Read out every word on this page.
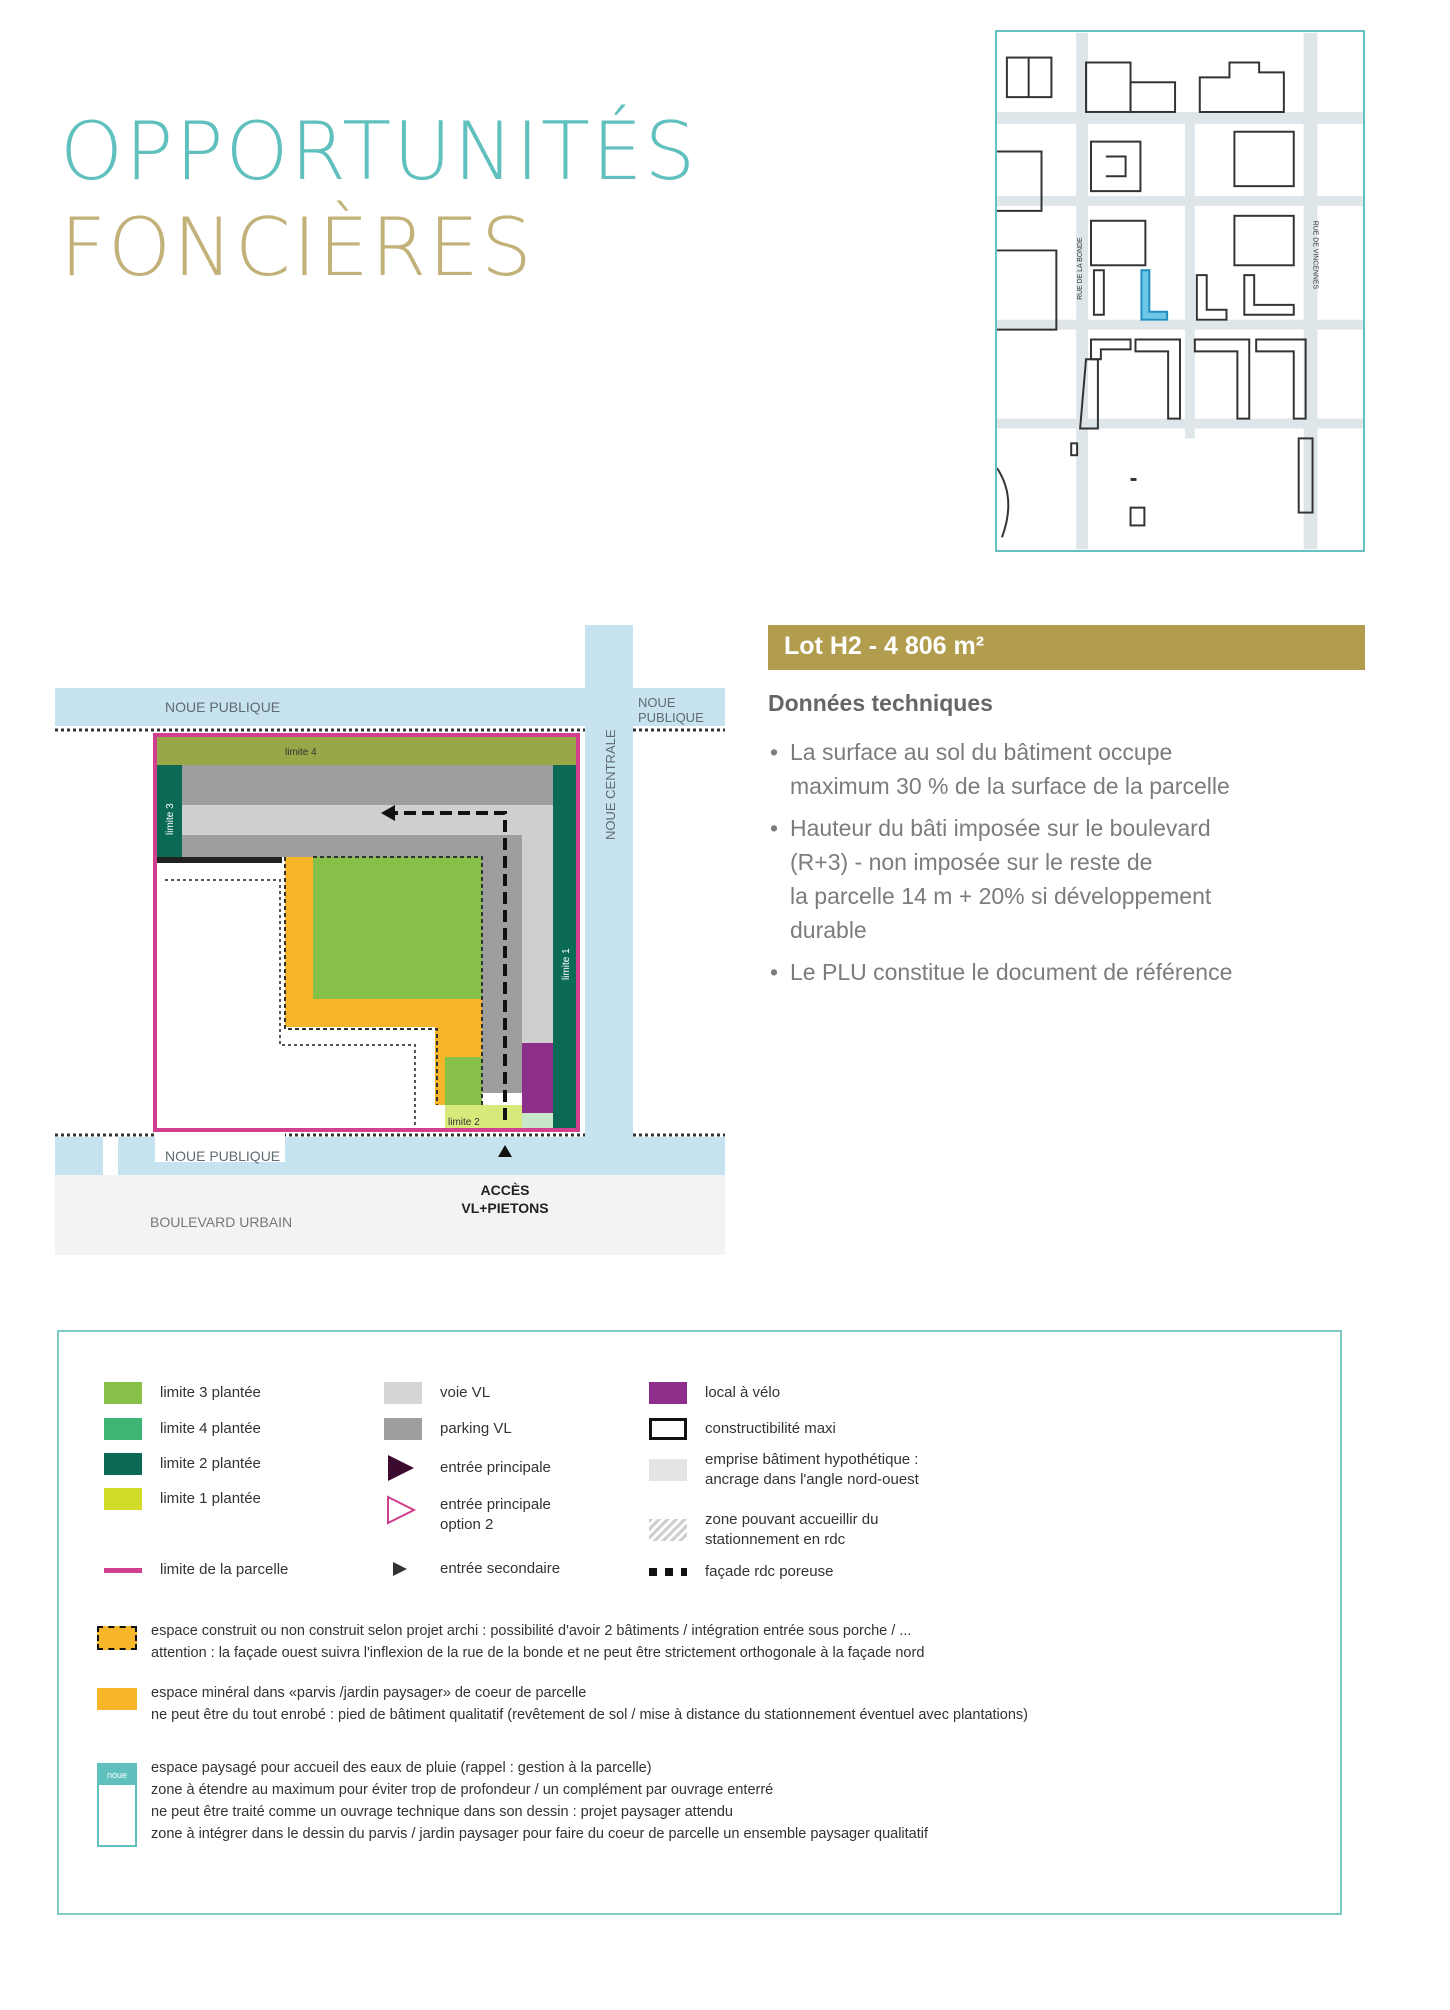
OPPORTUNITÉS
FONCIÈRES	RUE DE LA BONDE	RUE DE VINCENNES
NOUE PUBLIQUE	NOUE
PUBLIQUE
NOUE CENTRALE
NOUE PUBLIQUE
BOULEVARD URBAIN
limite 4
limite 3
limite 1
limite 2
ACCÈS
VL+PIETONS
Lot H2 - 4 806 m²
Données techniques
• La surface au sol du bâtiment occupe
maximum 30 % de la surface de la parcelle
• Hauteur du bâti imposée sur le boulevard
(R+3) - non imposée sur le reste de
la parcelle 14 m + 20% si développement
durable
• Le PLU constitue le document de référence
limite 3 plantée
limite 4 plantée
limite 2 plantée
limite 1 plantée
limite de la parcelle
voie VL
parking VL
entrée principale
entrée principale
option 2
entrée secondaire
local à vélo
constructibilité maxi
emprise bâtiment hypothétique :
ancrage dans l'angle nord-ouest
zone pouvant accueillir du
stationnement en rdc
façade rdc poreuse
espace construit ou non construit selon projet archi : possibilité d'avoir 2 bâtiments / intégration entrée sous porche / ...
attention : la façade ouest suivra l'inflexion de la rue de la bonde et ne peut être strictement orthogonale à la façade nord
espace minéral dans «parvis /jardin paysager» de coeur de parcelle
ne peut être du tout enrobé : pied de bâtiment qualitatif (revêtement de sol / mise à distance du stationnement éventuel avec plantations)
noue	espace paysagé pour accueil des eaux de pluie (rappel : gestion à la parcelle)
zone à étendre au maximum pour éviter trop de profondeur / un complément par ouvrage enterré
ne peut être traité comme un ouvrage technique dans son dessin : projet paysager attendu
zone à intégrer dans le dessin du parvis / jardin paysager pour faire du coeur de parcelle un ensemble paysager qualitatif
